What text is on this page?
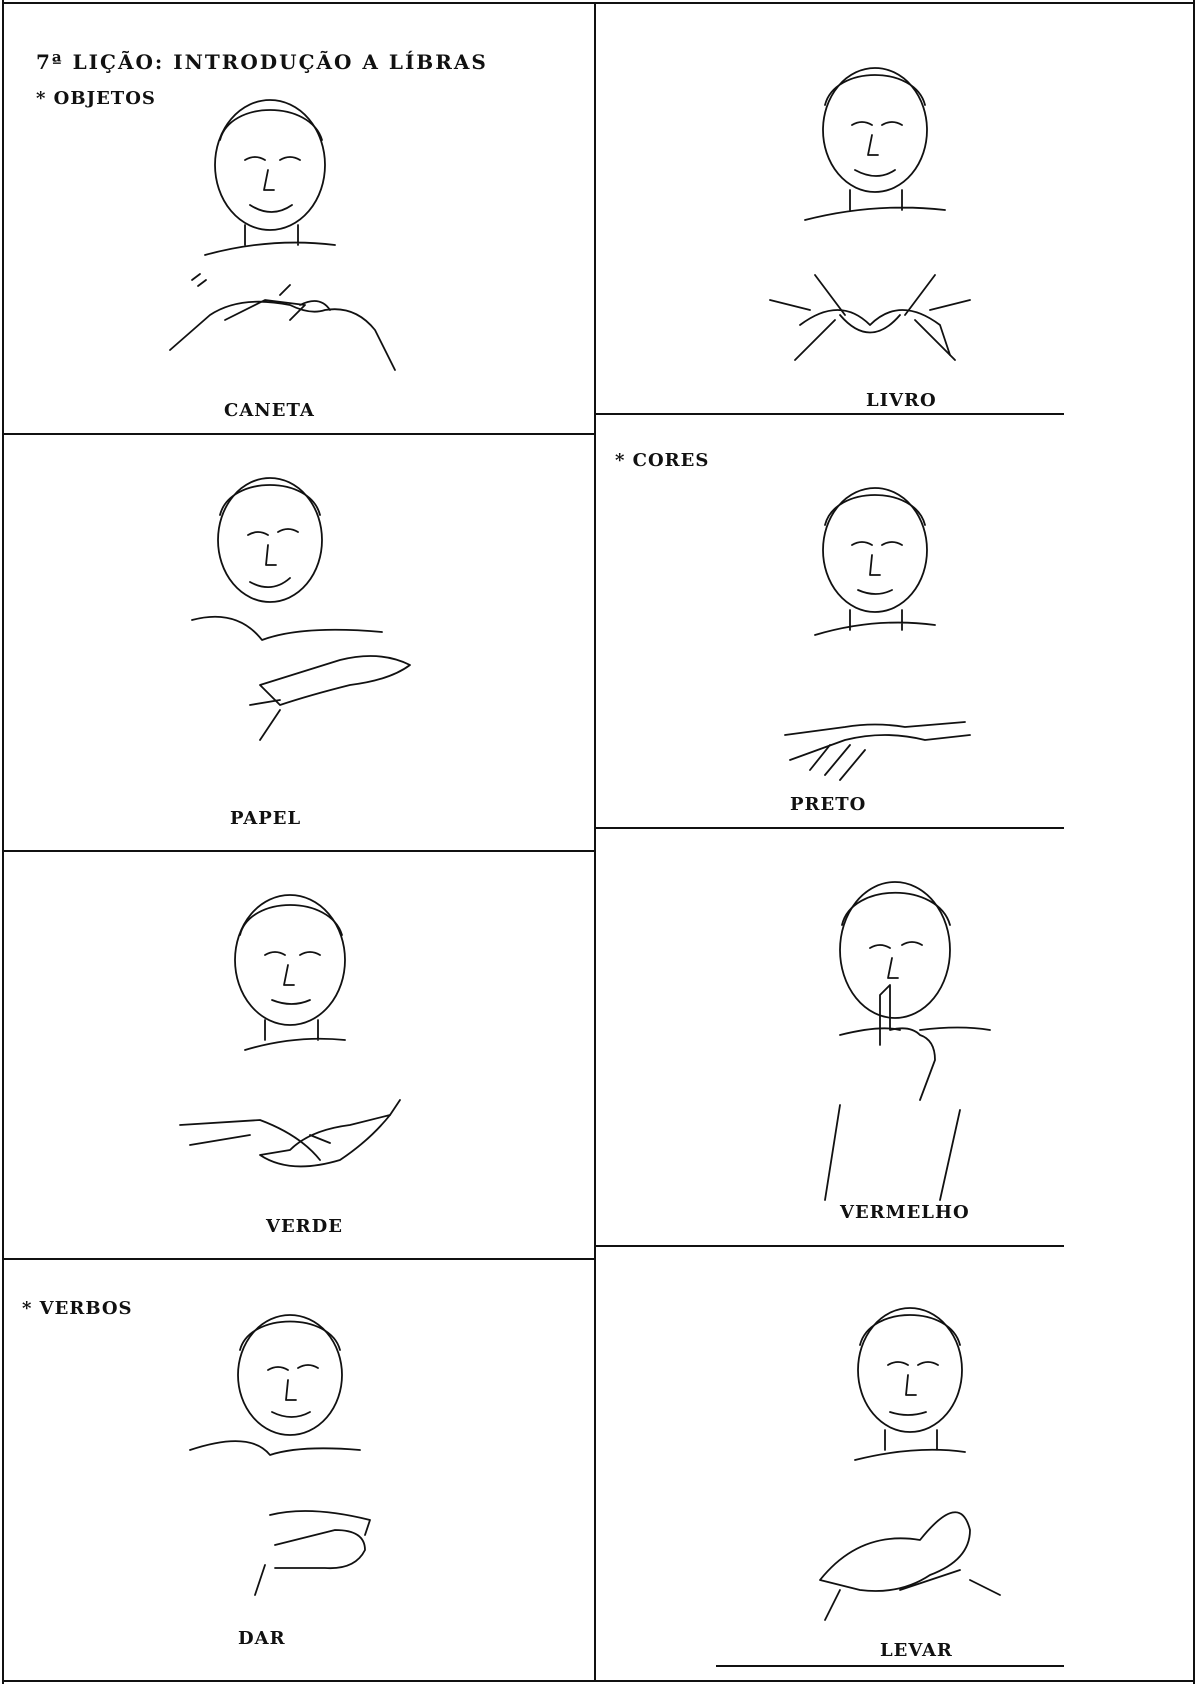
7ª LIÇÃO: INTRODUÇÃO A LÍBRAS
* OBJETOS
* CORES
* VERBOS
CANETA	LIVRO
PAPEL
PRETO
VERDE
VERMELHO
DAR
LEVAR
